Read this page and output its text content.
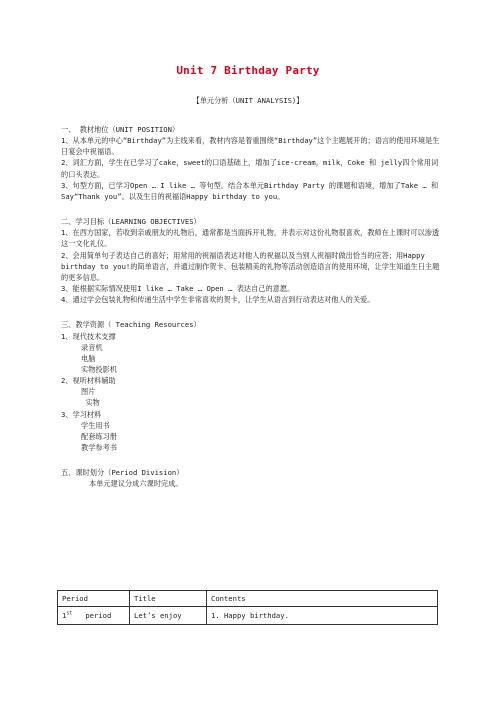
Unit 7 Birthday Party
【单元分析（UNIT ANALYSIS)】

一、 教材地位（UNIT POSITION）

1、从本单元的中心“Birthday”为主线来看，教材内容是着重围绕“Birthday”这个主题展开的；语言的使用环境是生日宴会中祝福语。

2、词汇方面，学生在已学习了cake，sweet的口语基础上，增加了ice-cream，milk，Coke 和 jelly四个常用词的口头表达。

3、句型方面，已学习Open … I like … 等句型。结合本单元Birthday Party 的课题和语境，增加了Take … 和Say“Thank you”。以及生日的祝福语Happy birthday to you。

二、学习目标（LEARNING OBJECTIVES）

1、在西方国家，若收到亲戚朋友的礼物后，通常都是当面拆开礼物，并表示对这份礼物很喜欢，教师在上课时可以渗透这一文化礼仪。

2、会用简单句子表达自己的喜好；用常用的祝福语表达对他人的祝福以及当别人祝福时做出恰当的应答；用Happy birthday to you!的简单语言，并通过制作贺卡、包装精美的礼物等活动创造语言的使用环境，让学生知道生日主题的更多信息。

3、能根据实际情况使用I like … Take … Open … 表达自己的意愿。

4、通过学会包装礼物和传递生活中学生非常喜欢的贺卡，让学生从语言到行动表达对他人的关爱。

三、教学资源（ Teaching Resources）

1、现代技术支撑

录音机

电脑

实物投影机

2、视听材料辅助

图片

实物

3、学习材料

学生用书

配套练习册

教学参考书

五、课时划分（Period Division）

本单元建议分成六课时完成。

Period	Title	Contents
1st period	Let’s enjoy	1. Happy birthday.
